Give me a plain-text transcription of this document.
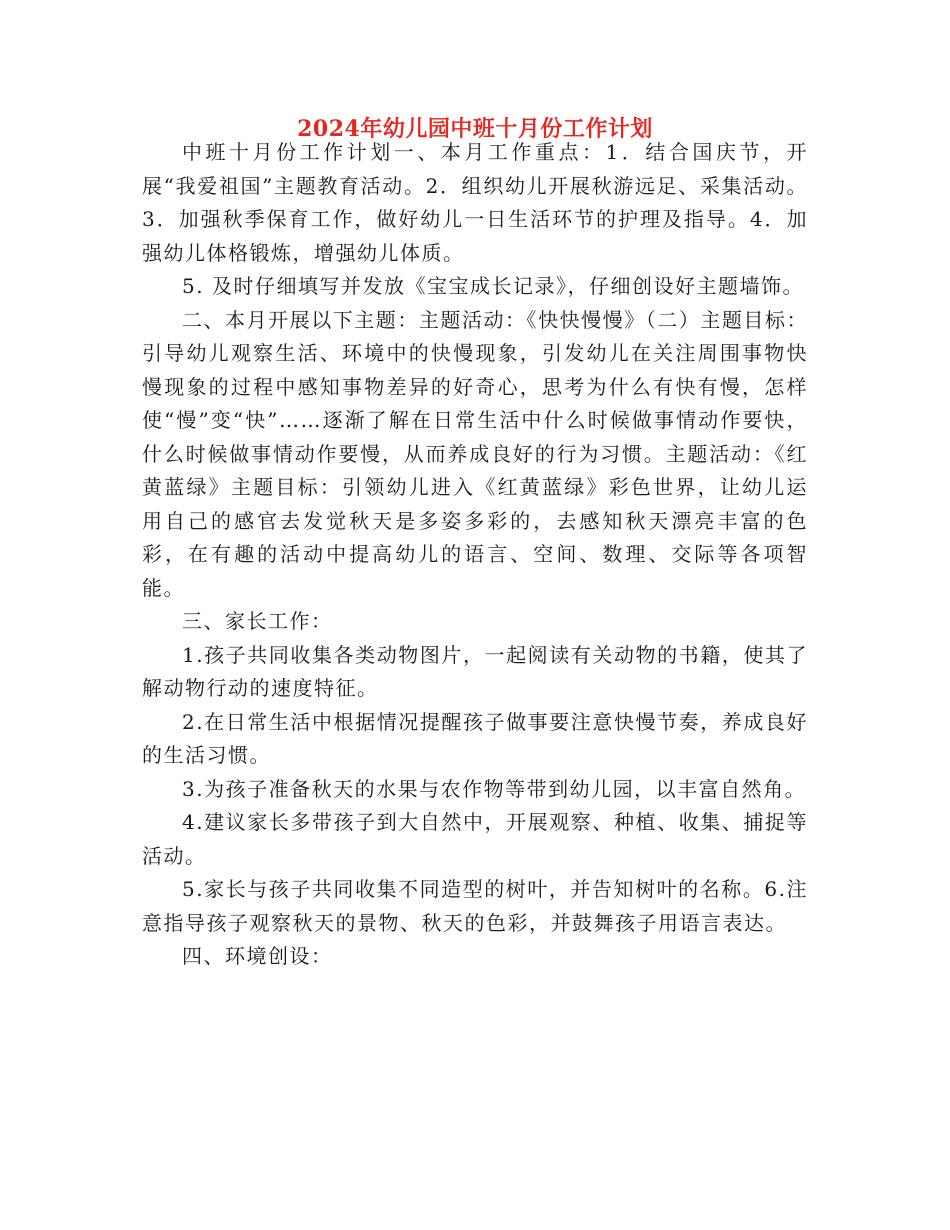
2024年幼儿园中班十月份工作计划

中班十月份工作计划一、本月工作重点：1．结合国庆节，开展“我爱祖国”主题教育活动。2．组织幼儿开展秋游远足、采集活动。3．加强秋季保育工作，做好幼儿一日生活环节的护理及指导。4．加强幼儿体格锻炼，增强幼儿体质。

5. 及时仔细填写并发放《宝宝成长记录》，仔细创设好主题墙饰。

二、本月开展以下主题：主题活动：《快快慢慢》（二）主题目标：引导幼儿观察生活、环境中的快慢现象，引发幼儿在关注周围事物快慢现象的过程中感知事物差异的好奇心，思考为什么有快有慢，怎样使“慢”变“快”……逐渐了解在日常生活中什么时候做事情动作要快，什么时候做事情动作要慢，从而养成良好的行为习惯。主题活动：《红黄蓝绿》主题目标：引领幼儿进入《红黄蓝绿》彩色世界，让幼儿运用自己的感官去发觉秋天是多姿多彩的，去感知秋天漂亮丰富的色彩，在有趣的活动中提高幼儿的语言、空间、数理、交际等各项智能。

三、家长工作：

1.孩子共同收集各类动物图片，一起阅读有关动物的书籍，使其了解动物行动的速度特征。

2.在日常生活中根据情况提醒孩子做事要注意快慢节奏，养成良好的生活习惯。

3.为孩子准备秋天的水果与农作物等带到幼儿园，以丰富自然角。

4.建议家长多带孩子到大自然中，开展观察、种植、收集、捕捉等活动。

5.家长与孩子共同收集不同造型的树叶，并告知树叶的名称。6.注意指导孩子观察秋天的景物、秋天的色彩，并鼓舞孩子用语言表达。

四、环境创设：
